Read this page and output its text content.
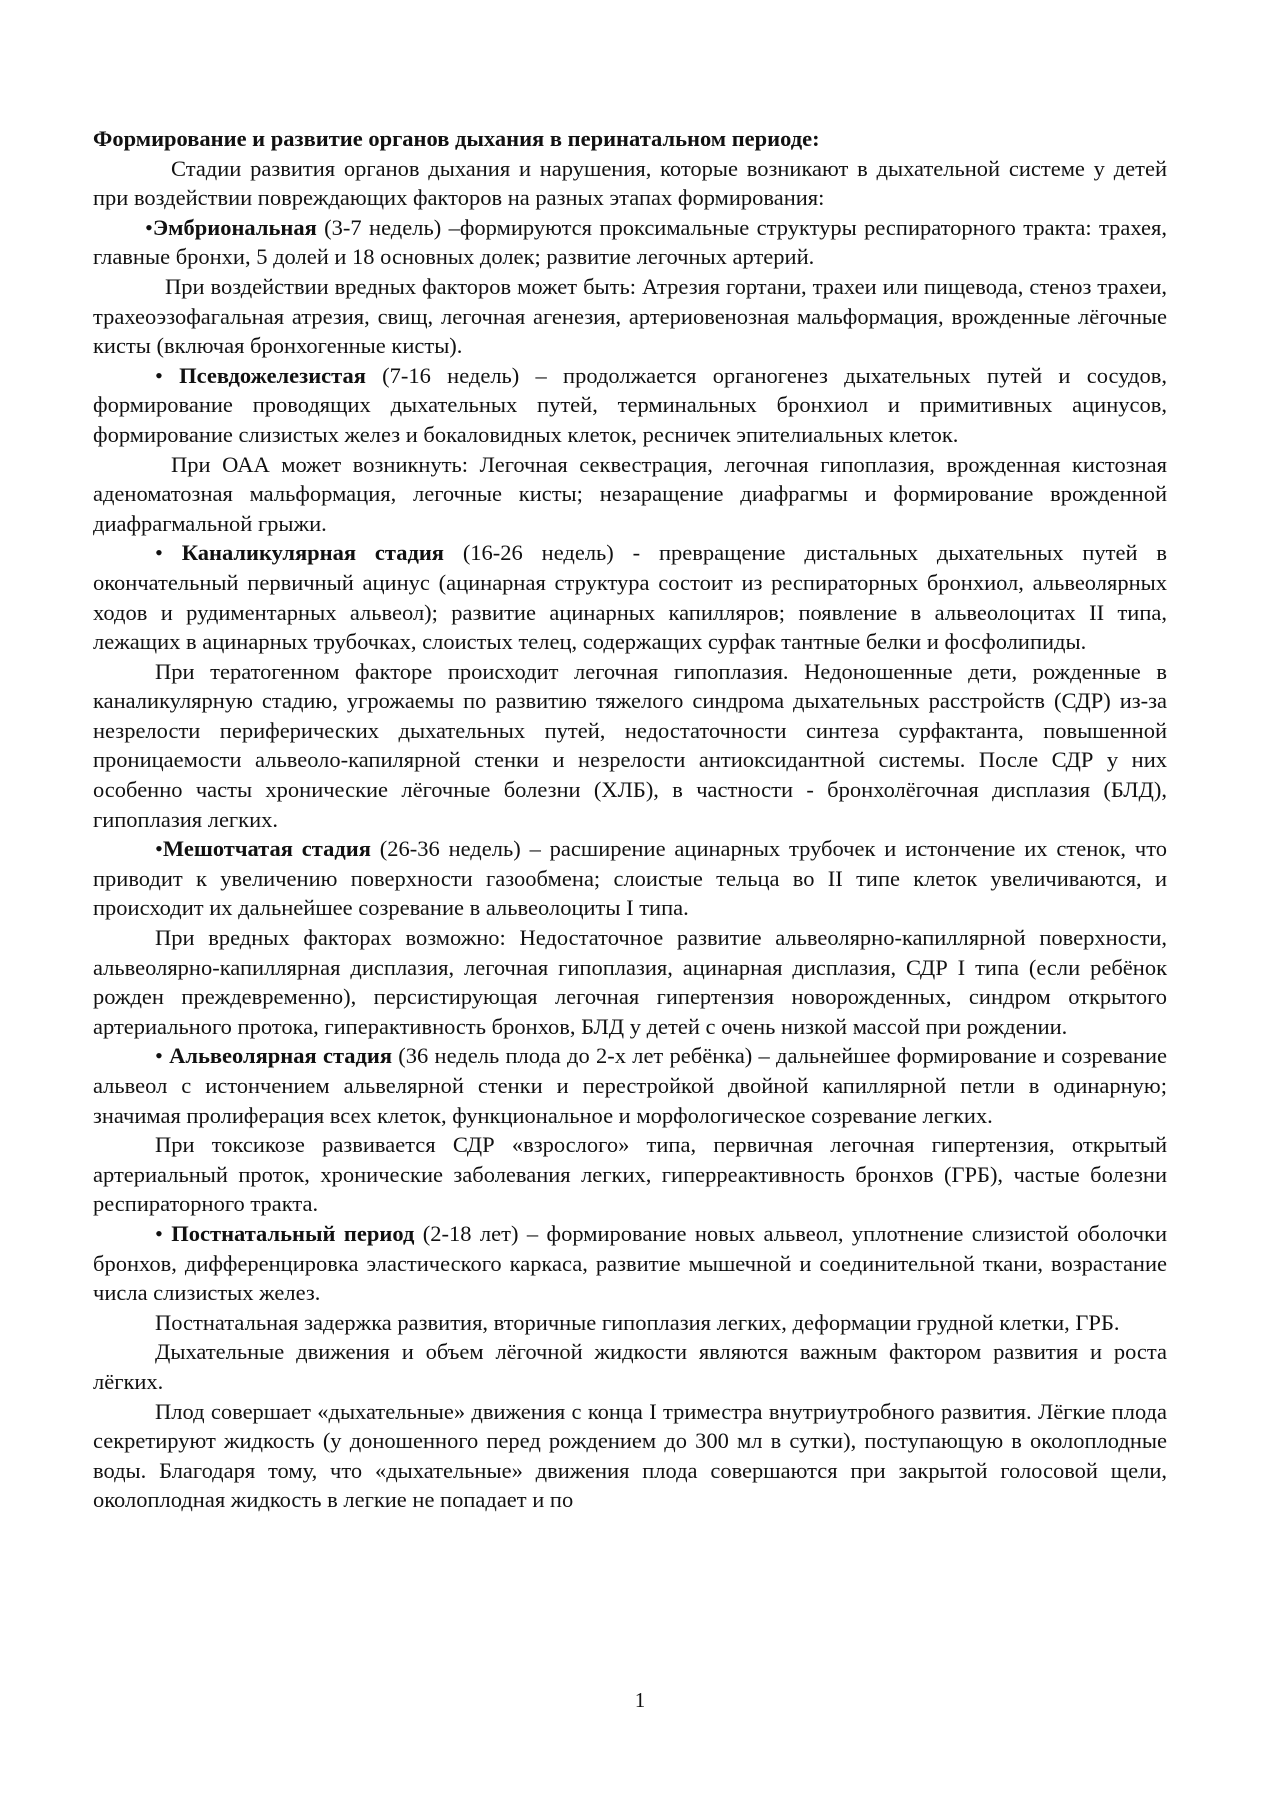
Формирование и развитие органов дыхания в перинатальном периоде:

Стадии развития органов дыхания и нарушения, которые возникают в дыхательной системе у детей при воздействии повреждающих факторов на разных этапах формирования:

•Эмбриональная (3-7 недель) –формируются проксимальные структуры респираторного тракта: трахея, главные бронхи, 5 долей и 18 основных долек; развитие легочных артерий.

При воздействии вредных факторов может быть: Атрезия гортани, трахеи или пищевода, стеноз трахеи, трахеоэзофагальная атрезия, свищ, легочная агенезия, артериовенозная мальформация, врожденные лёгочные кисты (включая бронхогенные кисты).

• Псевдожелезистая (7-16 недель) – продолжается органогенез дыхательных путей и сосудов, формирование проводящих дыхательных путей, терминальных бронхиол и примитивных ацинусов, формирование слизистых желез и бокаловидных клеток, ресничек эпителиальных клеток.

При ОАА может возникнуть: Легочная секвестрация, легочная гипоплазия, врожденная кистозная аденоматозная мальформация, легочные кисты; незаращение диафрагмы и формирование врожденной диафрагмальной грыжи.

• Каналикулярная стадия (16-26 недель) - превращение дистальных дыхательных путей в окончательный первичный ацинус (ацинарная структура состоит из респираторных бронхиол, альвеолярных ходов и рудиментарных альвеол); развитие ацинарных капилляров; появление в альвеолоцитах II типа, лежащих в ацинарных трубочках, слоистых телец, содержащих сурфак тантные белки и фосфолипиды.

При тератогенном факторе происходит легочная гипоплазия. Недоношенные дети, рожденные в каналикулярную стадию, угрожаемы по развитию тяжелого синдрома дыхательных расстройств (СДР) из-за незрелости периферических дыхательных путей, недостаточности синтеза сурфактанта, повышенной проницаемости альвеоло-капилярной стенки и незрелости антиоксидантной системы. После СДР у них особенно часты хронические лёгочные болезни (ХЛБ), в частности - бронхолёгочная дисплазия (БЛД), гипоплазия легких.

•Мешотчатая стадия (26-36 недель) – расширение ацинарных трубочек и истончение их стенок, что приводит к увеличению поверхности газообмена; слоистые тельца во II типе клеток увеличиваются, и происходит их дальнейшее созревание в альвеолоциты I типа.

При вредных факторах возможно: Недостаточное развитие альвеолярно-капиллярной поверхности, альвеолярно-капиллярная дисплазия, легочная гипоплазия, ацинарная дисплазия, СДР I типа (если ребёнок рожден преждевременно), персистирующая легочная гипертензия новорожденных, синдром открытого артериального протока, гиперактивность бронхов, БЛД у детей с очень низкой массой при рождении.

• Альвеолярная стадия (36 недель плода до 2-х лет ребёнка) – дальнейшее формирование и созревание альвеол с истончением альвелярной стенки и перестройкой двойной капиллярной петли в одинарную; значимая пролиферация всех клеток, функциональное и морфологическое созревание легких.

При токсикозе развивается СДР «взрослого» типа, первичная легочная гипертензия, открытый артериальный проток, хронические заболевания легких, гиперреактивность бронхов (ГРБ), частые болезни респираторного тракта.

• Постнатальный период (2-18 лет) – формирование новых альвеол, уплотнение слизистой оболочки бронхов, дифференцировка эластического каркаса, развитие мышечной и соединительной ткани, возрастание числа слизистых желез.

Постнатальная задержка развития, вторичные гипоплазия легких, деформации грудной клетки, ГРБ.

Дыхательные движения и объем лёгочной жидкости являются важным фактором развития и роста лёгких.

Плод совершает «дыхательные» движения с конца I триместра внутриутробного развития. Лёгкие плода секретируют жидкость (у доношенного перед рождением до 300 мл в сутки), поступающую в околоплодные воды. Благодаря тому, что «дыхательные» движения плода совершаются при закрытой голосовой щели, околоплодная жидкость в легкие не попадает и по

1
